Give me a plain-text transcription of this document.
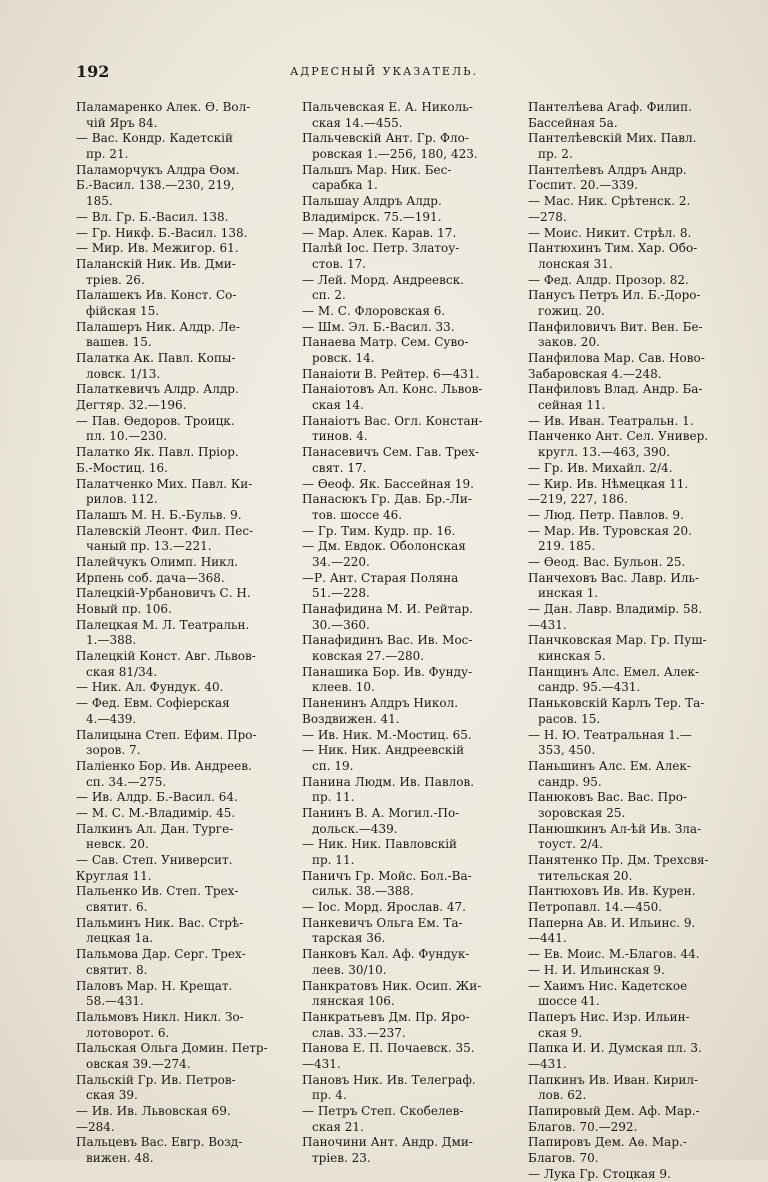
192	АДРЕСНЫЙ УКАЗАТЕЛЬ.
Паламаренко Алек. Ѳ. Вол-
чій Яръ 84.
— Вас. Кондр. Кадетскій
пр. 21.
Паламорчукъ Алдра Ѳом.
Б.-Васил. 138.—230, 219,
185.
— Вл. Гр. Б.-Васил. 138.
— Гр. Никф. Б.-Васил. 138.
— Мир. Ив. Межигор. 61.
Паланскій Ник. Ив. Дми-
тріев. 26.
Палашекъ Ив. Конст. Со-
фійская 15.
Палашеръ Ник. Алдр. Ле-
вашев. 15.
Палатка Ак. Павл. Копы-
ловск. 1/13.
Палаткевичъ Алдр. Алдр.
Дегтяр. 32.—196.
— Пав. Ѳедоров. Троицк.
пл. 10.—230.
Палатко Як. Павл. Пріор.
Б.-Мостиц. 16.
Палатченко Мих. Павл. Ки-
рилов. 112.
Палашъ М. Н. Б.-Бульв. 9.
Палевскій Леонт. Фил. Пес-
чаный пр. 13.—221.
Палейчукъ Олимп. Никл.
Ирпень соб. дача—368.
Палецкій-Урбановичъ С. Н.
Новый пр. 106.
Палецкая М. Л. Театральн.
1.—388.
Палецкій Конст. Авг. Львов-
ская 81/34.
— Ник. Ал. Фундук. 40.
— Фед. Евм. Софіерская
4.—439.
Палицына Степ. Ефим. Про-
зоров. 7.
Паліенко Бор. Ив. Андреев.
сп. 34.—275.
— Ив. Алдр. Б.-Васил. 64.
— М. С. М.-Владимір. 45.
Палкинъ Ал. Дан. Турге-
невск. 20.
— Сав. Степ. Университ.
Круглая 11.
Пальенко Ив. Степ. Трех-
святит. 6.
Пальминъ Ник. Вас. Стрѣ-
лецкая 1а.
Пальмова Дар. Серг. Трех-
святит. 8.
Паловъ Мар. Н. Крещат.
58.—431.
Пальмовъ Никл. Никл. Зо-
лотоворот. 6.
Пальская Ольга Домин. Петр-
овская 39.—274.
Пальскій Гр. Ив. Петров-
ская 39.
— Ив. Ив. Львовская 69.
—284.
Пальцевъ Вас. Евгр. Возд-
вижен. 48.
Пальчевская Е. А. Николь-
ская 14.—455.
Пальчевскій Ант. Гр. Фло-
ровская 1.—256, 180, 423.
Пальшъ Мар. Ник. Бес-
сарабка 1.
Пальшау Алдръ Алдр.
Владимірск. 75.—191.
— Мар. Алек. Карав. 17.
Палѣй Іос. Петр. Златоу-
стов. 17.
— Лей. Морд. Андреевск.
сп. 2.
— М. С. Флоровская 6.
— Шм. Эл. Б.-Васил. 33.
Панаева Матр. Сем. Суво-
ровск. 14.
Панаіоти В. Рейтер. 6—431.
Панаіотовъ Ал. Конс. Львов-
ская 14.
Панаіотъ Вас. Огл. Констан-
тинов. 4.
Панасевичъ Сем. Гав. Трех-
свят. 17.
— Ѳеоф. Як. Бассейная 19.
Панасюкъ Гр. Дав. Бр.-Ли-
тов. шоссе 46.
— Гр. Тим. Кудр. пр. 16.
— Дм. Евдок. Оболонская
34.—220.
—Р. Ант. Старая Поляна
51.—228.
Панафидина М. И. Рейтар.
30.—360.
Панафидинъ Вас. Ив. Мос-
ковская 27.—280.
Панашика Бор. Ив. Фунду-
клеев. 10.
Паненинъ Алдръ Никол.
Воздвижен. 41.
— Ив. Ник. М.-Мостиц. 65.
— Ник. Ник. Андреевскій
сп. 19.
Панина Людм. Ив. Павлов.
пр. 11.
Панинъ В. А. Могил.-По-
дольск.—439.
— Ник. Ник. Павловскій
пр. 11.
Паничъ Гр. Мойс. Бол.-Ва-
сильк. 38.—388.
— Іос. Морд. Ярослав. 47.
Панкевичъ Ольга Ем. Та-
тарская 36.
Панковъ Кал. Аф. Фундук-
леев. 30/10.
Панкратовъ Ник. Осип. Жи-
лянская 106.
Панкратьевъ Дм. Пр. Яро-
слав. 33.—237.
Панова Е. П. Почаевск. 35.
—431.
Пановъ Ник. Ив. Телеграф.
пр. 4.
— Петръ Степ. Скобелев-
ская 21.
Паночини Ант. Андр. Дми-
тріев. 23.
Пантелѣева Агаф. Филип.
Бассейная 5а.
Пантелѣевскій Мих. Павл.
пр. 2.
Пантелѣевъ Алдръ Андр.
Госпит. 20.—339.
— Мас. Ник. Срѣтенск. 2.
—278.
— Моис. Никит. Стрѣл. 8.
Пантюхинъ Тим. Хар. Обо-
лонская 31.
— Фед. Алдр. Прозор. 82.
Панусъ Петръ Ил. Б.-Доро-
гожиц. 20.
Панфиловичъ Вит. Вен. Бе-
заков. 20.
Панфилова Мар. Сав. Ново-
Забаровская 4.—248.
Панфиловъ Влад. Андр. Ба-
сейная 11.
— Ив. Иван. Театральн. 1.
Панченко Ант. Сел. Универ.
кругл. 13.—463, 390.
— Гр. Ив. Михайл. 2/4.
— Кир. Ив. Нѣмецкая 11.
—219, 227, 186.
— Люд. Петр. Павлов. 9.
— Мар. Ив. Туровская 20.
219. 185.
— Ѳеод. Вас. Бульон. 25.
Панчеховъ Вас. Лавр. Иль-
инская 1.
— Дан. Лавр. Владимір. 58.
—431.
Панчковская Мар. Гр. Пуш-
кинская 5.
Панщинъ Алс. Емел. Алек-
сандр. 95.—431.
Паньковскій Карлъ Тер. Та-
расов. 15.
— Н. Ю. Театральная 1.—
353, 450.
Паньшинъ Алс. Ем. Алек-
сандр. 95.
Панюковъ Вас. Вас. Про-
зоровская 25.
Панюшкинъ Ал-ѣй Ив. Зла-
тоуст. 2/4.
Панятенко Пр. Дм. Трехсвя-
тительская 20.
Пантюховъ Ив. Ив. Курен.
Петропавл. 14.—450.
Паперна Ав. И. Ильинс. 9.
—441.
— Ев. Моис. М.-Благов. 44.
— Н. И. Ильинская 9.
— Хаимъ Нис. Кадетское
шоссе 41.
Паперъ Нис. Изр. Ильин-
ская 9.
Папка И. И. Думская пл. 3.
—431.
Папкинъ Ив. Иван. Кирил-
лов. 62.
Папировый Дем. Аф. Мар.-
Благов. 70.—292.
Папировъ Дем. Аѳ. Мар.-
Благов. 70.
— Лука Гр. Стоцкая 9.
